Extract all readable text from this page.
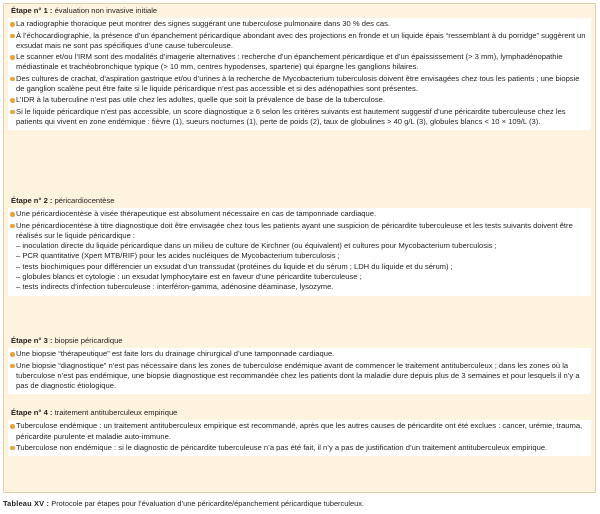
Étape n° 1 : évaluation non invasive initiale
La radiographie thoracique peut montrer des signes suggérant une tuberculose pulmonaire dans 30 % des cas.
À l’échocardiographie, la présence d’un épanchement péricardique abondant avec des projections en fronde et un liquide épais “ressemblant à du porridge” suggèrent un exsudat mais ne sont pas spécifiques d’une cause tuberculeuse.
Le scanner et/ou l’IRM sont des modalités d’imagerie alternatives : recherche d’un épanchement péricardique et d’un épaississement (> 3 mm), lymphadénopathie médiastinale et trachéobronchique typique (> 10 mm, centres hypodenses, sparterie) qui épargne les ganglions hilaires.
Des cultures de crachat, d’aspiration gastrique et/ou d’urines à la recherche de Mycobacterium tuberculosis doivent être envisagées chez tous les patients ; une biopsie de ganglion scalène peut être faite si le liquide péricardique n’est pas accessible et si des adénopathies sont présentes.
L’IDR à la tuberculine n’est pas utile chez les adultes, quelle que soit la prévalence de base de la tuberculose.
Si le liquide péricardique n’est pas accessible, un score diagnostique ≥ 6 selon les critères suivants est hautement suggestif d’une péricardite tuberculeuse chez les patients qui vivent en zone endémique : fièvre (1), sueurs nocturnes (1), perte de poids (2), taux de globulines > 40 g/L (3), globules blancs < 10 × 109/L (3).
Étape n° 2 : péricardiocentèse
Une péricardiocentèse à visée thérapeutique est absolument nécessaire en cas de tamponnade cardiaque.
Une péricardiocentèse à titre diagnostique doit être envisagée chez tous les patients ayant une suspicion de péricardite tuberculeuse et les tests suivants doivent être réalisés sur le liquide péricardique :
– inoculation directe du liquide péricardique dans un milieu de culture de Kirchner (ou équivalent) et cultures pour Mycobacterium tuberculosis ;
– PCR quantitative (Xpert MTB/RIF) pour les acides nucléiques de Mycobacterium tuberculosis ;
– tests biochimiques pour différencier un exsudat d’un transsudat (protéines du liquide et du sérum ; LDH du liquide et du sérum) ;
– globules blancs et cytologie : un exsudat lymphocytaire est en faveur d’une péricardite tuberculeuse ;
– tests indirects d’infection tuberculeuse : interféron-gamma, adénosine déaminase, lysozyme.
Étape n° 3 : biopsie péricardique
Une biopsie “thérapeutique” est faite lors du drainage chirurgical d’une tamponnade cardiaque.
Une biopsie “diagnostique” n’est pas nécessaire dans les zones de tuberculose endémique avant de commencer le traitement antituberculeux ; dans les zones où la tuberculose n’est pas endémique, une biopsie diagnostique est recommandée chez les patients dont la maladie dure depuis plus de 3 semaines et pour lesquels il n’y a pas de diagnostic étiologique.
Étape n° 4 : traitement antituberculeux empirique
Tuberculose endémique : un traitement antituberculeux empirique est recommandé, après que les autres causes de péricardite ont été exclues : cancer, urémie, trauma, péricardite purulente et maladie auto-immune.
Tuberculose non endémique : si le diagnostic de péricardite tuberculeuse n’a pas été fait, il n’y a pas de justification d’un traitement antituberculeux empirique.
Tableau XV : Protocole par étapes pour l’évaluation d’une péricardite/épanchement péricardique tuberculeux.
